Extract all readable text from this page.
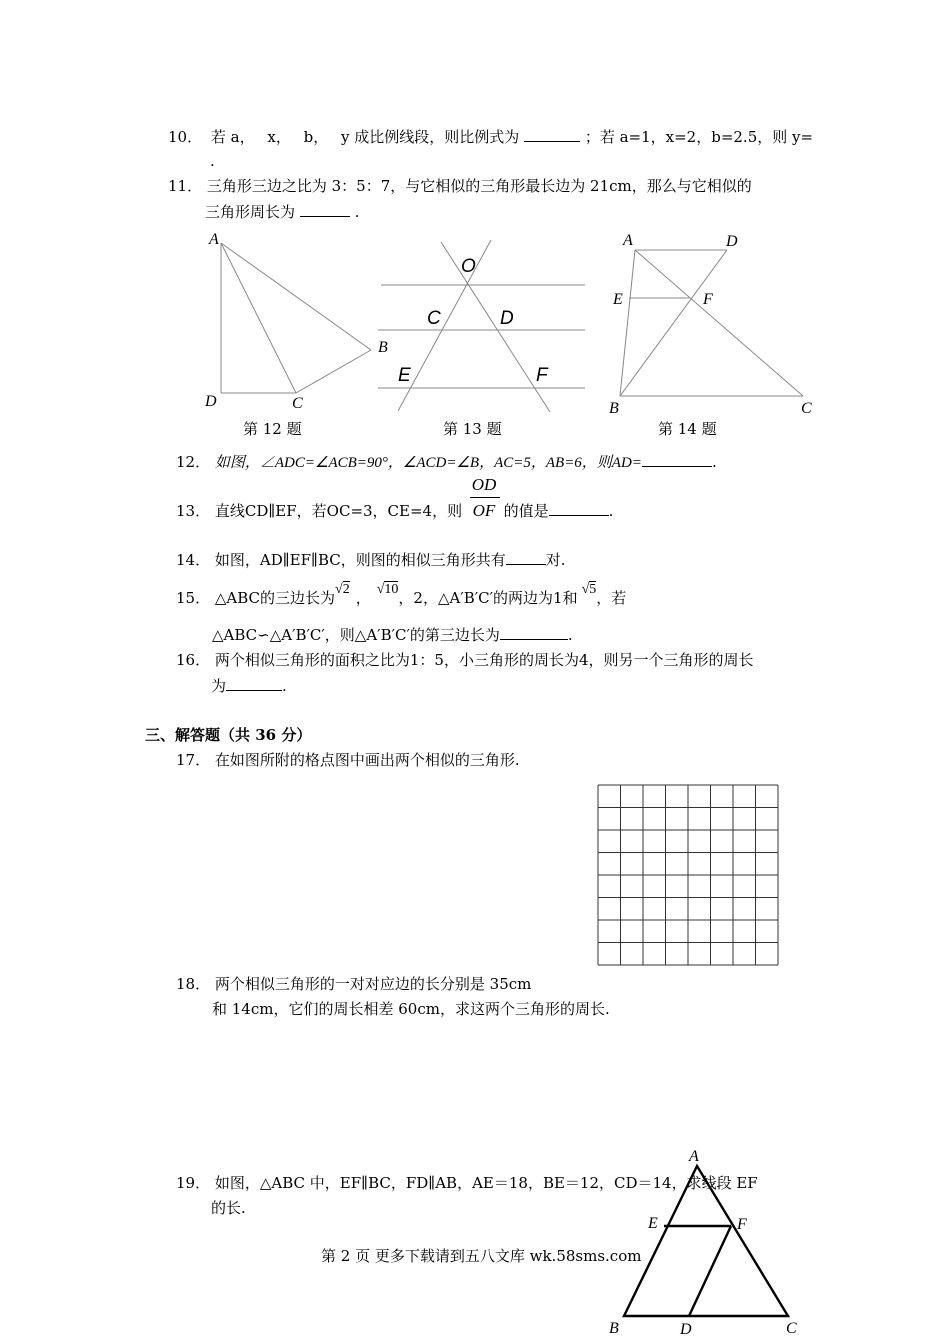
10． 若 a， x， b， y 成比例线段，则比例式为	；若 a=1，x=2，b=2.5，则 y=
.
11． 三角形三边之比为 3：5：7，与它相似的三角形最长边为 21cm，那么与它相似的
三角形周长为	.
A
B
C
D
O
C	D
E	F
A	D
E	F
B	C
A
E	F
B	D	C
第 12 题	第 13 题	第 14 题
12． 如图，∠ADC=∠ACB=90°，∠ACD=∠B，AC=5，AB=6，则AD=	.
OD
OF
13． 直线CD∥EF，若OC=3，CE=4，则	的值是	.
14． 如图，AD∥EF∥BC，则图的相似三角形共有	对.
15． △ABC的三边长为√2 ， √10，2，△A′B′C′的两边为1和 √5，若
△ABC∽△A′B′C′，则△A′B′C′的第三边长为	.
16． 两个相似三角形的面积之比为1：5，小三角形的周长为4，则另一个三角形的周长
为	.
三、解答题（共 36 分）
17． 在如图所附的格点图中画出两个相似的三角形.
18． 两个相似三角形的一对对应边的长分别是 35cm
和 14cm，它们的周长相差 60cm，求这两个三角形的周长.
19． 如图，△ABC 中，EF∥BC，FD∥AB，AE＝18，BE＝12，CD＝14，求线段 EF
的长.
第 2 页 更多下载请到五八文库 wk.58sms.com
